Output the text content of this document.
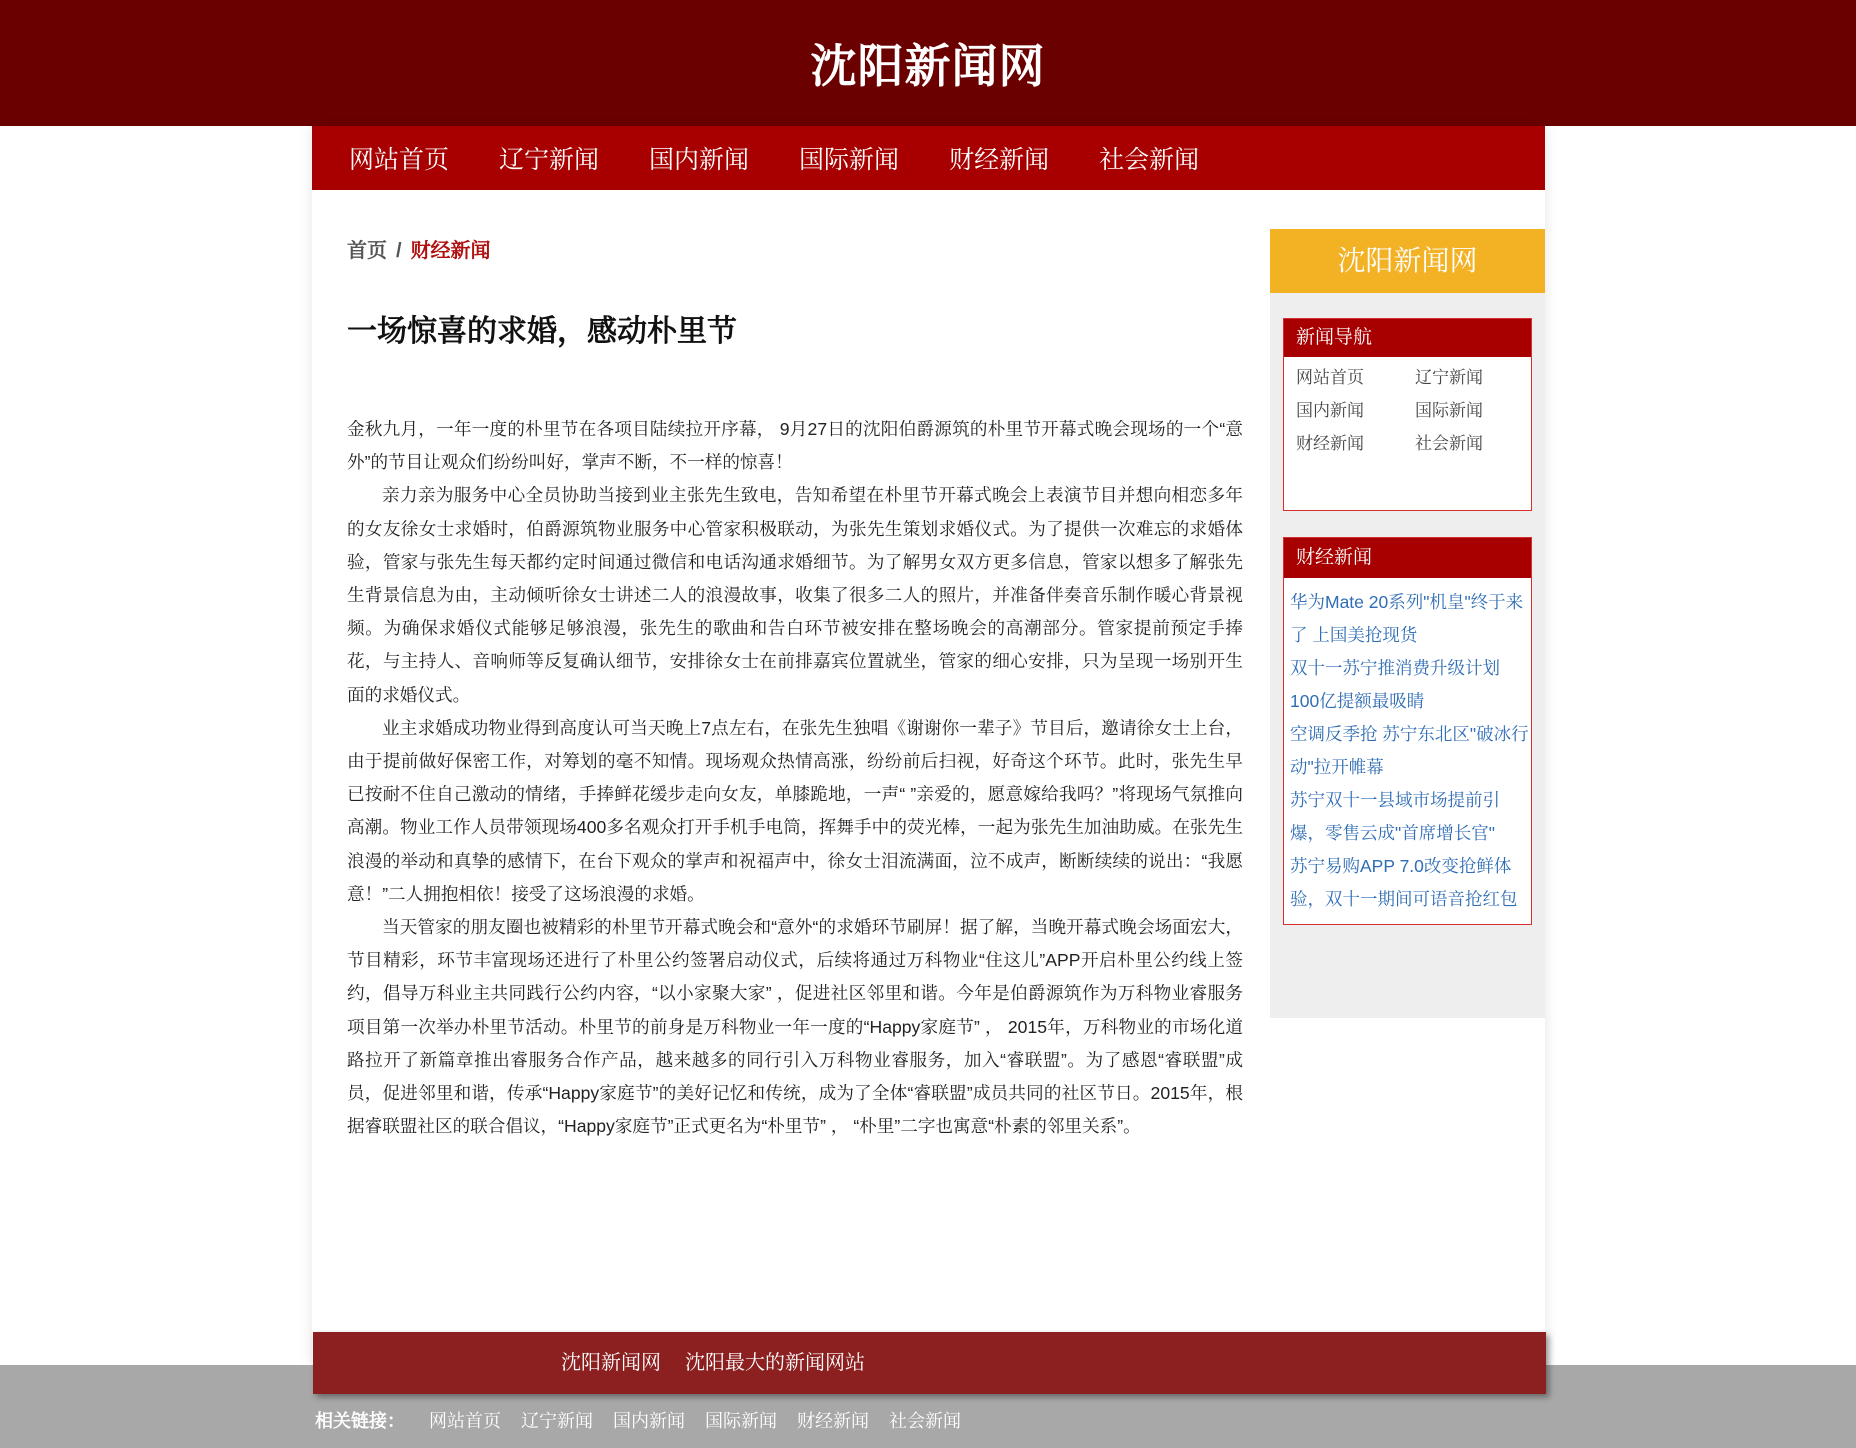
沈阳新闻网
网站首页 辽宁新闻 国内新闻 国际新闻 财经新闻 社会新闻
首页 / 财经新闻
一场惊喜的求婚，感动朴里节

金秋九月，一年一度的朴里节在各项目陆续拉开序幕， 9月27日的沈阳伯爵源筑的朴里节开幕式晚会现场的一个“意外”的节目让观众们纷纷叫好，掌声不断，不一样的惊喜！

亲力亲为服务中心全员协助当接到业主张先生致电，告知希望在朴里节开幕式晚会上表演节目并想向相恋多年的女友徐女士求婚时，伯爵源筑物业服务中心管家积极联动，为张先生策划求婚仪式。为了提供一次难忘的求婚体验，管家与张先生每天都约定时间通过微信和电话沟通求婚细节。为了解男女双方更多信息，管家以想多了解张先生背景信息为由，主动倾听徐女士讲述二人的浪漫故事，收集了很多二人的照片，并准备伴奏音乐制作暖心背景视频。为确保求婚仪式能够足够浪漫，张先生的歌曲和告白环节被安排在整场晚会的高潮部分。管家提前预定手捧花，与主持人、音响师等反复确认细节，安排徐女士在前排嘉宾位置就坐，管家的细心安排，只为呈现一场别开生面的求婚仪式。

业主求婚成功物业得到高度认可当天晚上7点左右，在张先生独唱《谢谢你一辈子》节目后，邀请徐女士上台，由于提前做好保密工作，对筹划的毫不知情。现场观众热情高涨，纷纷前后扫视，好奇这个环节。此时，张先生早已按耐不住自己激动的情绪，手捧鲜花缓步走向女友，单膝跪地，一声“ ”亲爱的，愿意嫁给我吗？”将现场气氛推向高潮。物业工作人员带领现场400多名观众打开手机手电筒，挥舞手中的荧光棒，一起为张先生加油助威。在张先生浪漫的举动和真挚的感情下，在台下观众的掌声和祝福声中，徐女士泪流满面，泣不成声，断断续续的说出：“我愿意！”二人拥抱相依！接受了这场浪漫的求婚。

当天管家的朋友圈也被精彩的朴里节开幕式晚会和“意外“的求婚环节刷屏！据了解，当晚开幕式晚会场面宏大，节目精彩，环节丰富现场还进行了朴里公约签署启动仪式，后续将通过万科物业“住这儿”APP开启朴里公约线上签约，倡导万科业主共同践行公约内容，“以小家聚大家” ，促进社区邻里和谐。今年是伯爵源筑作为万科物业睿服务项目第一次举办朴里节活动。朴里节的前身是万科物业一年一度的“Happy家庭节” ， 2015年，万科物业的市场化道路拉开了新篇章推出睿服务合作产品，越来越多的同行引入万科物业睿服务，加入“睿联盟”。为了感恩“睿联盟”成员，促进邻里和谐，传承“Happy家庭节”的美好记忆和传统，成为了全体“睿联盟”成员共同的社区节日。2015年，根据睿联盟社区的联合倡议，“Happy家庭节”正式更名为“朴里节” ， “朴里”二字也寓意“朴素的邻里关系”。

沈阳新闻网
新闻导航
网站首页	辽宁新闻
国内新闻	国际新闻
财经新闻	社会新闻
财经新闻
华为Mate 20系列"机皇"终于来了 上国美抢现货
双十一苏宁推消费升级计划 100亿提额最吸睛
空调反季抢 苏宁东北区"破冰行动"拉开帷幕
苏宁双十一县域市场提前引爆，零售云成"首席增长官"
苏宁易购APP 7.0改变抢鲜体验，双十一期间可语音抢红包
沈阳新闻网 沈阳最大的新闻网站
相关链接： 网站首页 辽宁新闻 国内新闻 国际新闻 财经新闻 社会新闻
